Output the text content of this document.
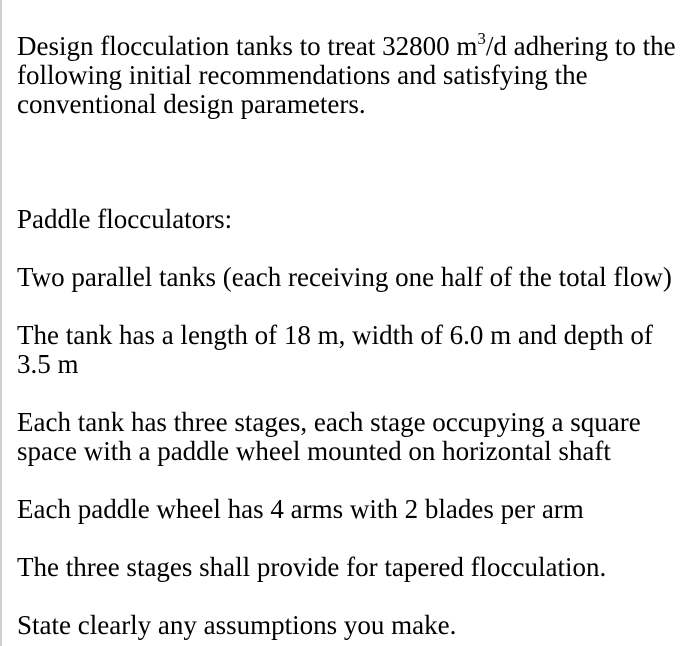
Design flocculation tanks to treat 32800 $m^3/d$ adhering to the
following initial recommendations and satisfying the
conventional design parameters.
Paddle flocculators:
Two parallel tanks (each receiving one half of the total flow)
The tank has a length of 18 m, width of 6.0 m and depth of
3.5 m
Each tank has three stages, each stage occupying a square
space with a paddle wheel mounted on horizontal shaft
Each paddle wheel has 4 arms with 2 blades per arm
The three stages shall provide for tapered flocculation.
State clearly any assumptions you make.
